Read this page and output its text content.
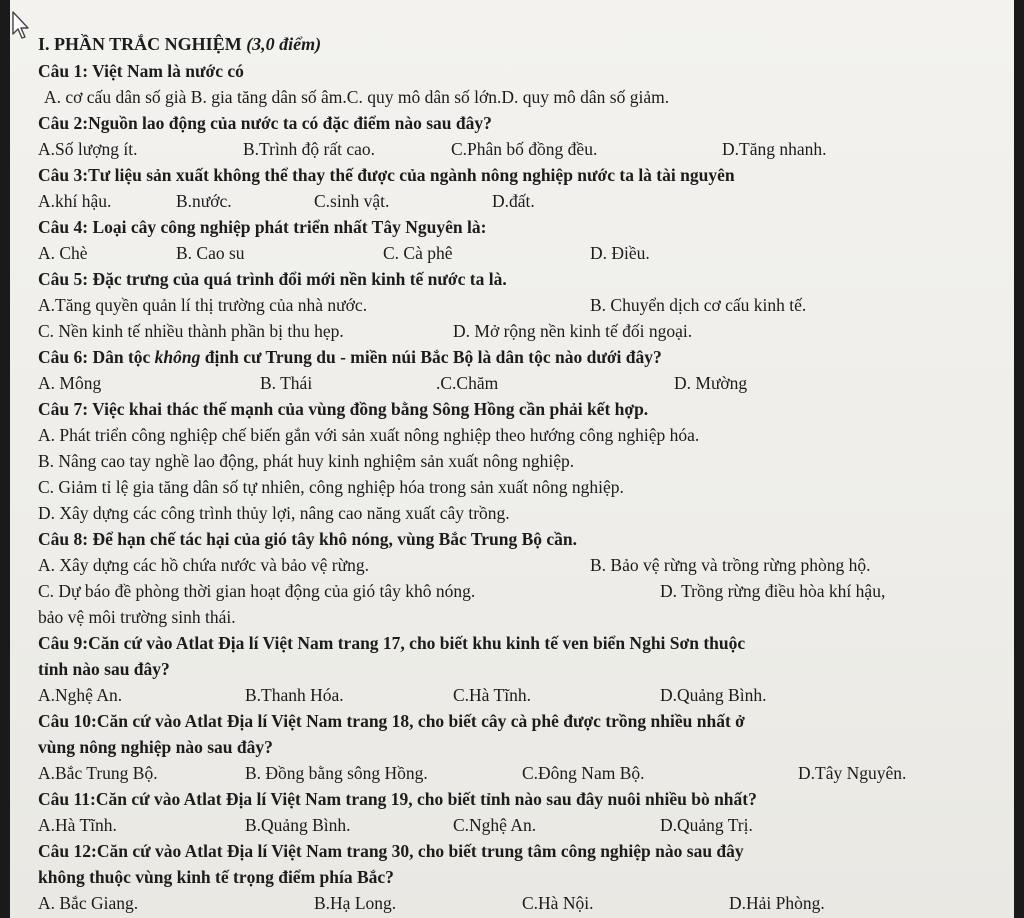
I. PHẦN TRẮC NGHIỆM (3,0 điểm)
Câu 1: Việt Nam là nước có
A. cơ cấu dân số già B. gia tăng dân số âm.C. quy mô dân số lớn.D. quy mô dân số giảm.
Câu 2:Nguồn lao động của nước ta có đặc điểm nào sau đây?
A.Số lượng ít.	B.Trình độ rất cao.	C.Phân bố đồng đều.	D.Tăng nhanh.
Câu 3:Tư liệu sản xuất không thể thay thế được của ngành nông nghiệp nước ta là tài nguyên
A.khí hậu.	B.nước.	C.sinh vật.	D.đất.
Câu 4: Loại cây công nghiệp phát triển nhất Tây Nguyên là:
A. Chè	B. Cao su	C. Cà phê	D. Điều.
Câu 5: Đặc trưng của quá trình đổi mới nền kinh tế nước ta là.
A.Tăng quyền quản lí thị trường của nhà nước.	B. Chuyển dịch cơ cấu kinh tế.
C. Nền kinh tế nhiều thành phần bị thu hẹp.	D. Mở rộng nền kinh tế đối ngoại.
Câu 6: Dân tộc không định cư Trung du - miền núi Bắc Bộ là dân tộc nào dưới đây?
A. Mông	B. Thái	.C.Chăm	D. Mường
Câu 7: Việc khai thác thế mạnh của vùng đồng bằng Sông Hồng cần phải kết hợp.
A. Phát triển công nghiệp chế biến gắn với sản xuất nông nghiệp theo hướng công nghiệp hóa.
B. Nâng cao tay nghề lao động, phát huy kinh nghiệm sản xuất nông nghiệp.
C. Giảm tỉ lệ gia tăng dân số tự nhiên, công nghiệp hóa trong sản xuất nông nghiệp.
D. Xây dựng các công trình thủy lợi, nâng cao năng xuất cây trồng.
Câu 8: Để hạn chế tác hại của gió tây khô nóng, vùng Bắc Trung Bộ cần.
A. Xây dựng các hồ chứa nước và bảo vệ rừng.	B. Bảo vệ rừng và trồng rừng phòng hộ.
C. Dự báo đề phòng thời gian hoạt động của gió tây khô nóng.	D. Trồng rừng điều hòa khí hậu,
bảo vệ môi trường sinh thái.
Câu 9:Căn cứ vào Atlat Địa lí Việt Nam trang 17, cho biết khu kinh tế ven biển Nghi Sơn thuộc
tỉnh nào sau đây?
A.Nghệ An.	B.Thanh Hóa.	C.Hà Tĩnh.	D.Quảng Bình.
Câu 10:Căn cứ vào Atlat Địa lí Việt Nam trang 18, cho biết cây cà phê được trồng nhiều nhất ở
vùng nông nghiệp nào sau đây?
A.Bắc Trung Bộ.	B. Đồng bằng sông Hồng.	C.Đông Nam Bộ.	D.Tây Nguyên.
Câu 11:Căn cứ vào Atlat Địa lí Việt Nam trang 19, cho biết tỉnh nào sau đây nuôi nhiều bò nhất?
A.Hà Tĩnh.	B.Quảng Bình.	C.Nghệ An.	D.Quảng Trị.
Câu 12:Căn cứ vào Atlat Địa lí Việt Nam trang 30, cho biết trung tâm công nghiệp nào sau đây
không thuộc vùng kinh tế trọng điểm phía Bắc?
A. Bắc Giang.	B.Hạ Long.	C.Hà Nội.	D.Hải Phòng.
